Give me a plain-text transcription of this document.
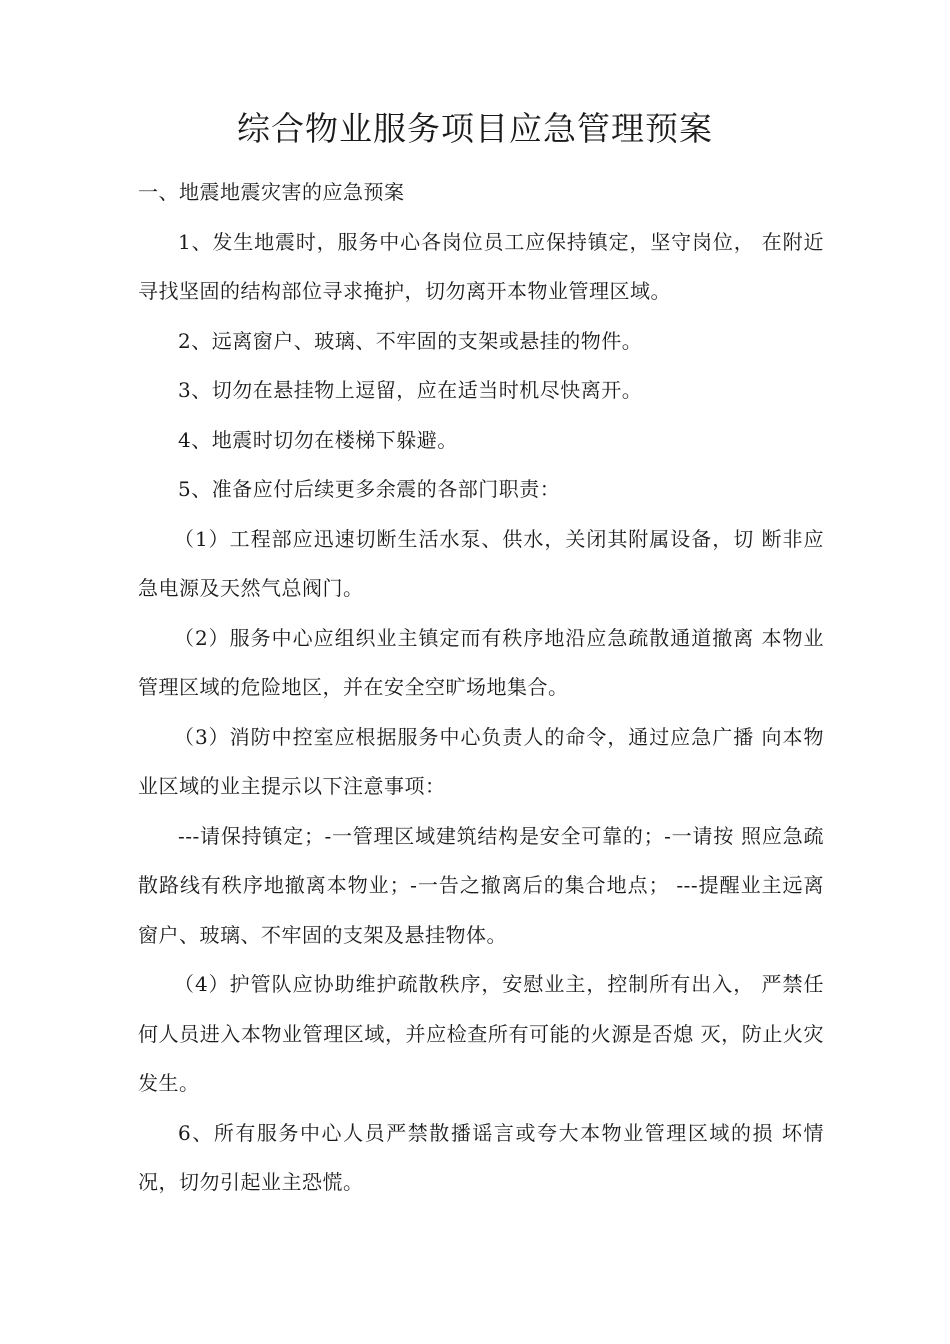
综合物业服务项目应急管理预案

一、地震地震灾害的应急预案

1、发生地震时，服务中心各岗位员工应保持镇定，坚守岗位， 在附近寻找坚固的结构部位寻求掩护，切勿离开本物业管理区域。

2、远离窗户、玻璃、不牢固的支架或悬挂的物件。

3、切勿在悬挂物上逗留，应在适当时机尽快离开。

4、地震时切勿在楼梯下躲避。

5、准备应付后续更多余震的各部门职责：

（1）工程部应迅速切断生活水泵、供水，关闭其附属设备，切 断非应急电源及天然气总阀门。

（2）服务中心应组织业主镇定而有秩序地沿应急疏散通道撤离 本物业管理区域的危险地区，并在安全空旷场地集合。

（3）消防中控室应根据服务中心负责人的命令，通过应急广播 向本物业区域的业主提示以下注意事项：

---请保持镇定；-一管理区域建筑结构是安全可靠的；-一请按 照应急疏散路线有秩序地撤离本物业；-一告之撤离后的集合地点； ---提醒业主远离窗户、玻璃、不牢固的支架及悬挂物体。

（4）护管队应协助维护疏散秩序，安慰业主，控制所有出入， 严禁任何人员进入本物业管理区域，并应检查所有可能的火源是否熄 灭，防止火灾发生。

6、所有服务中心人员严禁散播谣言或夸大本物业管理区域的损 坏情况，切勿引起业主恐慌。
